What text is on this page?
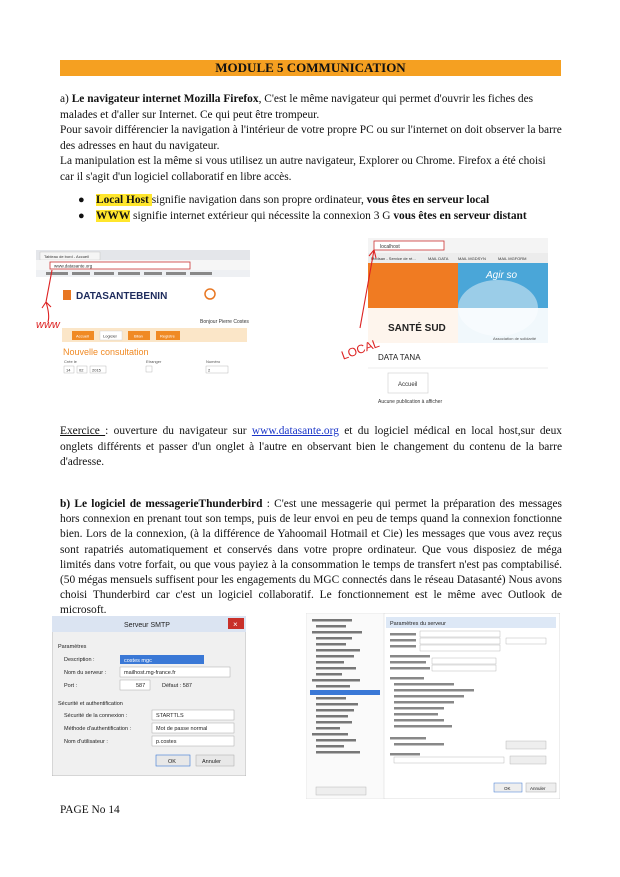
MODULE 5 COMMUNICATION
a) Le navigateur internet Mozilla Firefox, C'est le même navigateur qui permet d'ouvrir les fiches des malades et d'aller sur Internet. Ce qui peut être trompeur.
Pour savoir différencier la navigation à l'intérieur de votre propre PC ou sur l'internet on doit observer la barre des adresses en haut du navigateur.
La manipulation est la même si vous utilisez un autre navigateur, Explorer ou Chrome. Firefox a été choisi car il s'agit d'un logiciel collaboratif en libre accès.
● Local Host signifie navigation dans son propre ordinateur, vous êtes en serveur local
● WWW signifie internet extérieur qui nécessite la connexion 3 G vous êtes en serveur distant
Tableau de bord - Accueil
www.datasante.org
DATASANTEBENIN
Bonjour Pierre Costes
Accueil	Logiciel	Bilan	Registre
Nouvelle consultation
Crée le	Etranger	Numéro
14 02 2015	2
www
localhost
Medsan - Service de ré...	MAIL DATA MAIL MGDSYN	MAIL MGFORM
Agir so
SANTÉ SUD
Association de solidarité
DATA TANA
Accueil
Aucune publication à afficher
LOCAL
Exercice : ouverture du navigateur sur www.datasante.org et du logiciel médical en local host,sur deux onglets différents et passer d'un onglet à l'autre en observant bien le changement du contenu de la barre d'adresse.
b) Le logiciel de messagerieThunderbird : C'est une messagerie qui permet la préparation des messages hors connexion en prenant tout son temps, puis de leur envoi en peu de temps quand la connexion fonctionne bien. Lors de la connexion, (à la différence de Yahoomail Hotmail et Cie) les messages que vous avez reçus sont rapatriés automatiquement et conservés dans votre propre ordinateur. Que vous disposiez de méga limités dans votre forfait, ou que vous payiez à la consommation le temps de transfert n'est pas comptabilisé.(50 mégas mensuels suffisent pour les engagements du MGC connectés dans le réseau Datasanté) Nous avons choisi Thunderbird car c'est un logiciel collaboratif. Le fonctionnement est le même avec Outlook de microsoft.
Serveur SMTP	×
Paramètres
Description :	costes mgc
Nom du serveur :	mailhost.mg-france.fr
Port :	587	Défaut : 587
Sécurité et authentification
Sécurité de la connexion :	STARTTLS
Méthode d'authentification :	Mot de passe normal
Nom d'utilisateur :	p.costes
OK	Annuler
Paramètres du serveur
OK	Annuler
PAGE No 14
